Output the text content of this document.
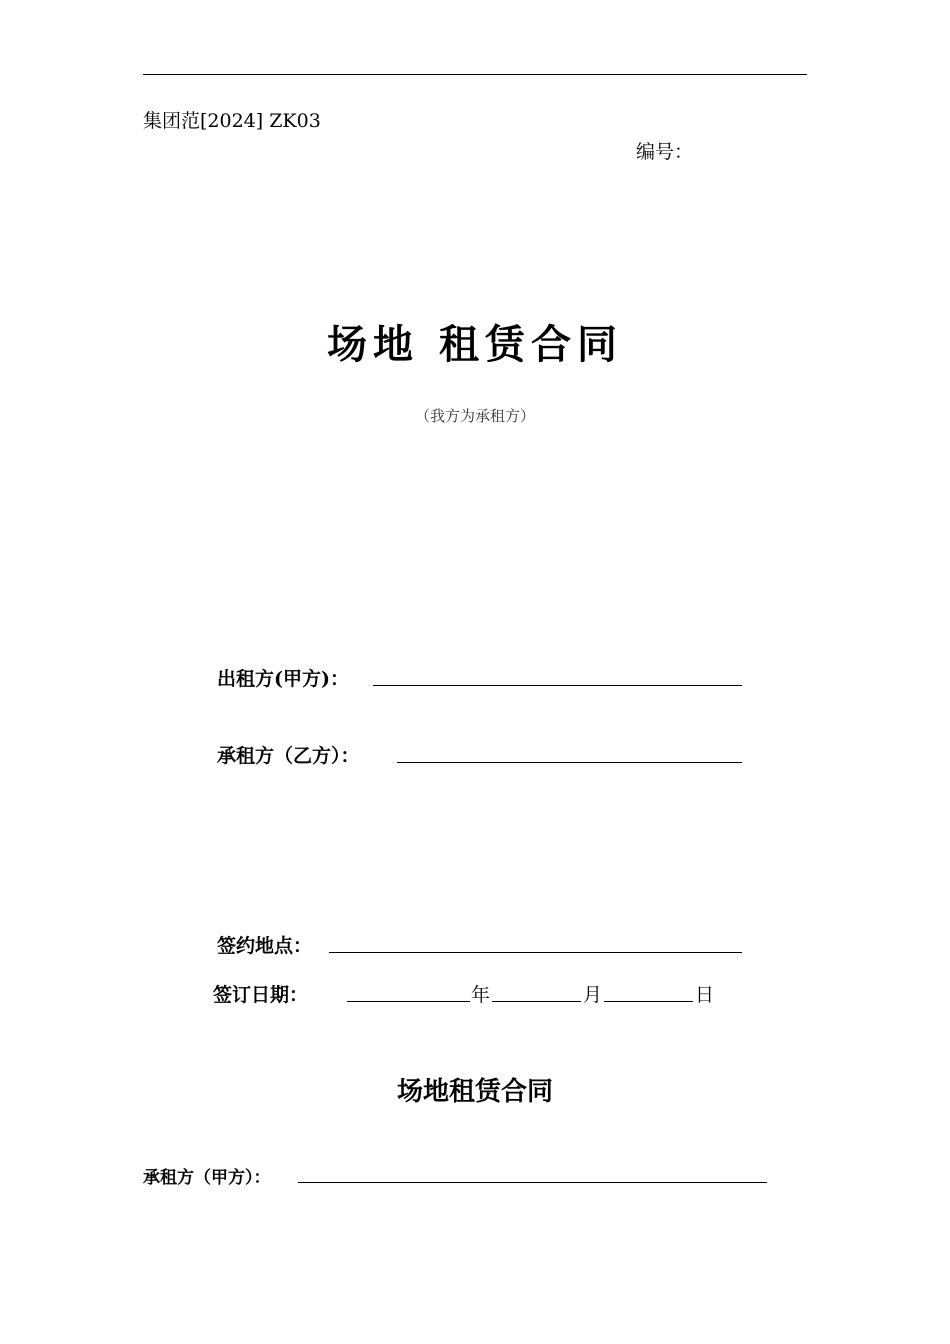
集团范[2024] ZK03
编号：
场地 租赁合同
（我方为承租方）
出租方(甲方)：
承租方（乙方）：
签约地点：
签订日期：	年	月	日
场地租赁合同
承租方（甲方）：
